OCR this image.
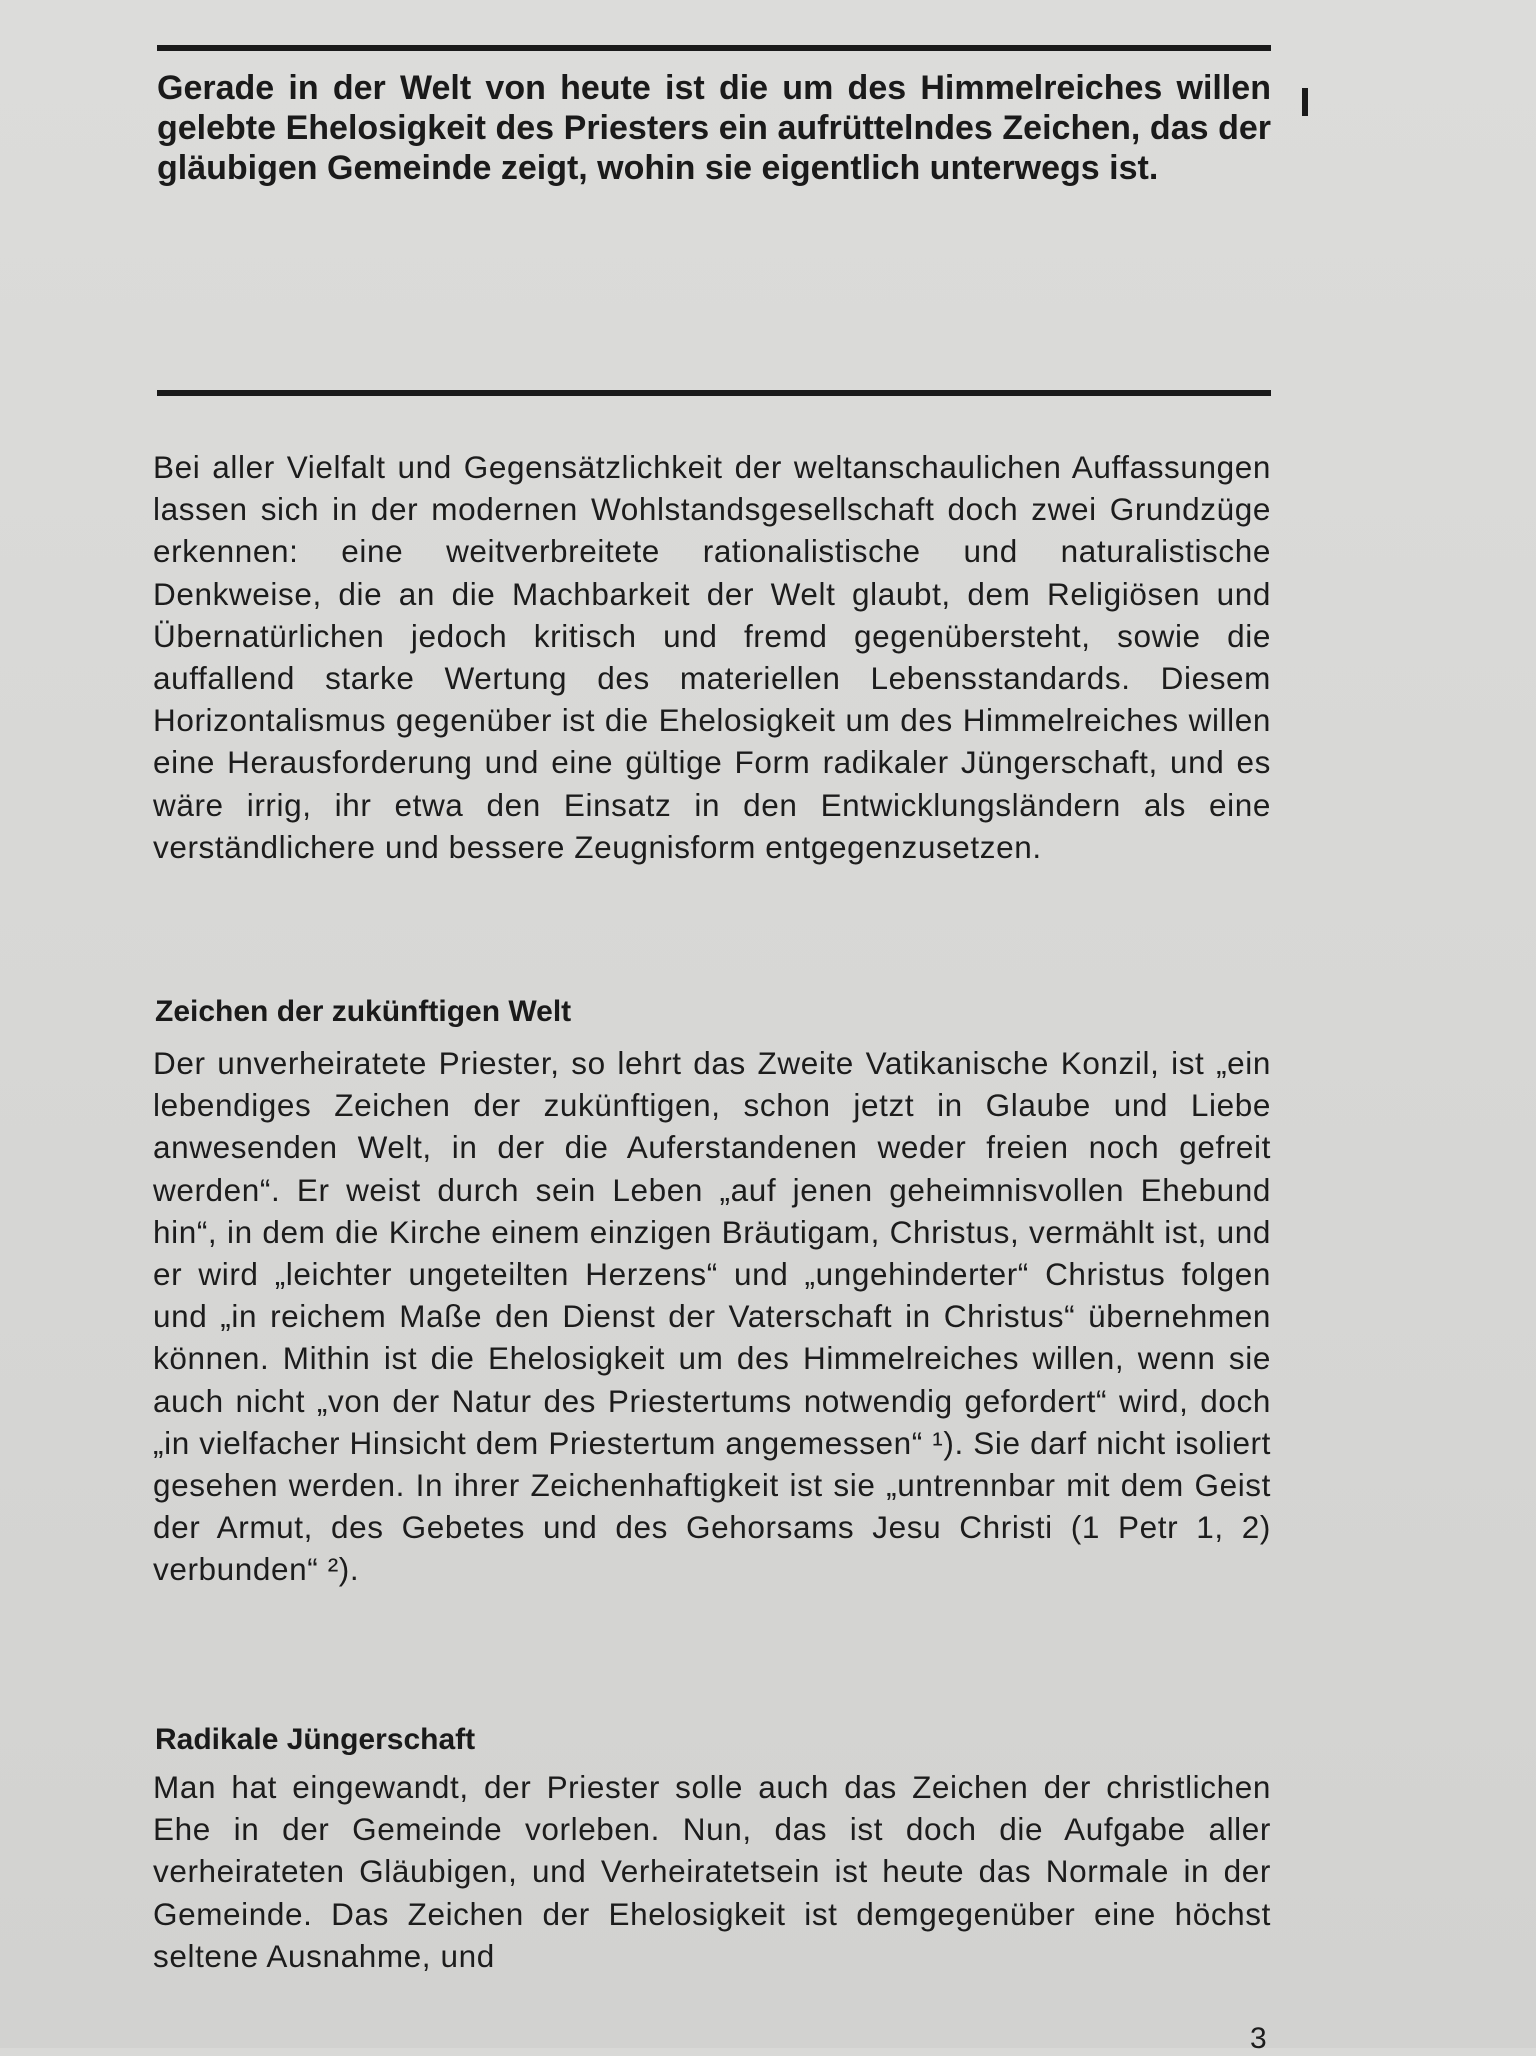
Gerade in der Welt von heute ist die um des Himmelreiches willen gelebte Ehelosigkeit des Priesters ein aufrüttelndes Zeichen, das der gläubigen Gemeinde zeigt, wohin sie eigentlich unterwegs ist.

Bei aller Vielfalt und Gegensätzlichkeit der weltanschaulichen Auffassungen lassen sich in der modernen Wohlstandsgesellschaft doch zwei Grundzüge erkennen: eine weitverbreitete rationalistische und naturalistische Denkweise, die an die Machbarkeit der Welt glaubt, dem Religiösen und Übernatürlichen jedoch kritisch und fremd gegenübersteht, sowie die auffallend starke Wertung des materiellen Lebensstandards. Diesem Horizontalismus gegenüber ist die Ehelosigkeit um des Himmelreiches willen eine Herausforderung und eine gültige Form radikaler Jüngerschaft, und es wäre irrig, ihr etwa den Einsatz in den Entwicklungsländern als eine verständlichere und bessere Zeugnisform entgegenzusetzen.

Zeichen der zukünftigen Welt

Der unverheiratete Priester, so lehrt das Zweite Vatikanische Konzil, ist „ein lebendiges Zeichen der zukünftigen, schon jetzt in Glaube und Liebe anwesenden Welt, in der die Auferstandenen weder freien noch gefreit werden“. Er weist durch sein Leben „auf jenen geheimnisvollen Ehebund hin“, in dem die Kirche einem einzigen Bräutigam, Christus, vermählt ist, und er wird „leichter ungeteilten Herzens“ und „ungehinderter“ Christus folgen und „in reichem Maße den Dienst der Vaterschaft in Christus“ übernehmen können. Mithin ist die Ehelosigkeit um des Himmelreiches willen, wenn sie auch nicht „von der Natur des Priestertums notwendig gefordert“ wird, doch „in vielfacher Hinsicht dem Priestertum angemessen“ ¹). Sie darf nicht isoliert gesehen werden. In ihrer Zeichenhaftigkeit ist sie „untrennbar mit dem Geist der Armut, des Gebetes und des Gehorsams Jesu Christi (1 Petr 1, 2) verbunden“ ²).

Radikale Jüngerschaft

Man hat eingewandt, der Priester solle auch das Zeichen der christlichen Ehe in der Gemeinde vorleben. Nun, das ist doch die Aufgabe aller verheirateten Gläubigen, und Verheiratetsein ist heute das Normale in der Gemeinde. Das Zeichen der Ehelosigkeit ist demgegenüber eine höchst seltene Ausnahme, und

3
